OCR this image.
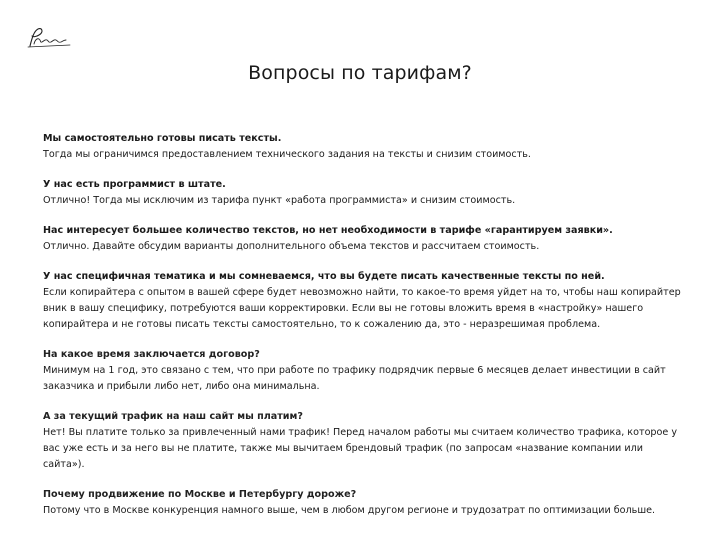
Вопросы по тарифам?
Мы самостоятельно готовы писать тексты.
Тогда мы ограничимся предоставлением технического задания на тексты и снизим стоимость.
У нас есть программист в штате.
Отлично! Тогда мы исключим из тарифа пункт «работа программиста» и снизим стоимость.
Нас интересует большее количество текстов, но нет необходимости в тарифе «гарантируем заявки».
Отлично. Давайте обсудим варианты дополнительного объема текстов и рассчитаем стоимость.
У нас специфичная тематика и мы сомневаемся, что вы будете писать качественные тексты по ней.
Если копирайтера с опытом в вашей сфере будет невозможно найти, то какое-то время уйдет на то, чтобы наш копирайтер вник в вашу специфику, потребуются ваши корректировки. Если вы не готовы вложить время в «настройку» нашего копирайтера и не готовы писать тексты самостоятельно, то к сожалению да, это - неразрешимая проблема.
На какое время заключается договор?
Минимум на 1 год, это связано с тем, что при работе по трафику подрядчик первые 6 месяцев делает инвестиции в сайт заказчика и прибыли либо нет, либо она минимальна.
А за текущий трафик на наш сайт мы платим?
Нет! Вы платите только за привлеченный нами трафик! Перед началом работы мы считаем количество трафика, которое у вас уже есть и за него вы не платите, также мы вычитаем брендовый трафик (по запросам «название компании или сайта»).
Почему продвижение по Москве и Петербургу дороже?
Потому что в Москве конкуренция намного выше, чем в любом другом регионе и трудозатрат по оптимизации больше.
